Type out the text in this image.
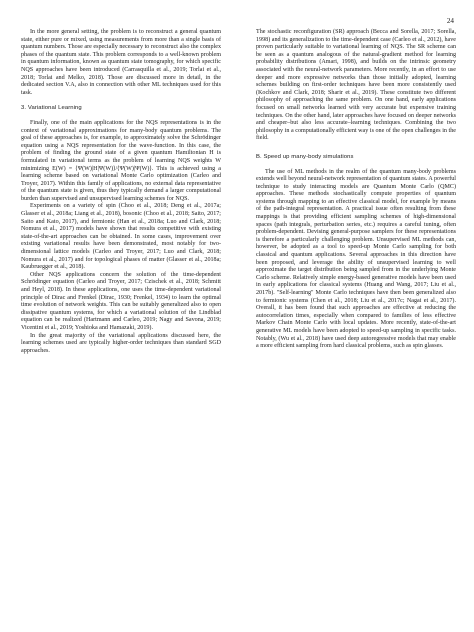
24

In the more general setting, the problem is to reconstruct a general quantum state, either pure or mixed, using measurements from more than a single basis of quantum numbers. Those are especially necessary to reconstruct also the complex phases of the quantum state. This problem corresponds to a well-known problem in quantum information, known as quantum state tomography, for which specific NQS approaches have been introduced (Carrasquilla et al., 2019; Torlai et al., 2018; Torlai and Melko, 2018). Those are discussed more in detail, in the dedicated section V.A, also in connection with other ML techniques used for this task.

3. Variational Learning

Finally, one of the main applications for the NQS representations is in the context of variational approximations for many-body quantum problems. The goal of these approaches is, for example, to approximately solve the Schrödinger equation using a NQS representation for the wave-function. In this case, the problem of finding the ground state of a given quantum Hamiltonian H is formulated in variational terms as the problem of learning NQS weights W minimizing E(W) = ⟨Ψ(W)|H|Ψ(W)⟩/⟨Ψ(W)|Ψ(W)⟩. This is achieved using a learning scheme based on variational Monte Carlo optimization (Carleo and Troyer, 2017). Within this family of applications, no external data representative of the quantum state is given, thus they typically demand a larger computational burden than supervised and unsupervised learning schemes for NQS.

Experiments on a variety of spin (Choo et al., 2018; Deng et al., 2017a; Glasser et al., 2018a; Liang et al., 2018), bosonic (Choo et al., 2018; Saito, 2017; Saito and Kato, 2017), and fermionic (Han et al., 2018a; Luo and Clark, 2018; Nomura et al., 2017) models have shown that results competitive with existing state-of-the-art approaches can be obtained. In some cases, improvement over existing variational results have been demonstrated, most notably for two-dimensional lattice models (Carleo and Troyer, 2017; Luo and Clark, 2018; Nomura et al., 2017) and for topological phases of matter (Glasser et al., 2018a; Kaubruegger et al., 2018).

Other NQS applications concern the solution of the time-dependent Schrödinger equation (Carleo and Troyer, 2017; Czischek et al., 2018; Schmitt and Heyl, 2018). In these applications, one uses the time-dependent variational principle of Dirac and Frenkel (Dirac, 1930; Frenkel, 1934) to learn the optimal time evolution of network weights. This can be suitably generalized also to open dissipative quantum systems, for which a variational solution of the Lindblad equation can be realized (Hartmann and Carleo, 2019; Nagy and Savona, 2019; Vicentini et al., 2019; Yoshioka and Hamazaki, 2019).

In the great majority of the variational applications discussed here, the learning schemes used are typically higher-order techniques than standard SGD approaches.

The stochastic reconfiguration (SR) approach (Becca and Sorella, 2017; Sorella, 1998) and its generalization to the time-dependent case (Carleo et al., 2012), have proven particularly suitable to variational learning of NQS. The SR scheme can be seen as a quantum analogous of the natural-gradient method for learning probability distributions (Amari, 1998), and builds on the intrinsic geometry associated with the neural-network parameters. More recently, in an effort to use deeper and more expressive networks than those initially adopted, learning schemes building on first-order techniques have been more consistently used (Kochkov and Clark, 2018; Sharir et al., 2019). These constitute two different philosophy of approaching the same problem. On one hand, early applications focused on small networks learned with very accurate but expensive training techniques. On the other hand, later approaches have focused on deeper networks and cheaper–but also less accurate–learning techniques. Combining the two philosophy in a computationally efficient way is one of the open challenges in the field.

B. Speed up many-body simulations

The use of ML methods in the realm of the quantum many-body problems extends well beyond neural-network representation of quantum states. A powerful technique to study interacting models are Quantum Monte Carlo (QMC) approaches. These methods stochastically compute properties of quantum systems through mapping to an effective classical model, for example by means of the path-integral representation. A practical issue often resulting from these mappings is that providing efficient sampling schemes of high-dimensional spaces (path integrals, perturbation series, etc.) requires a careful tuning, often problem-dependent. Devising general-purpose samplers for these representations is therefore a particularly challenging problem. Unsupervised ML methods can, however, be adopted as a tool to speed-up Monte Carlo sampling for both classical and quantum applications. Several approaches in this direction have been proposed, and leverage the ability of unsupervised learning to well approximate the target distribution being sampled from in the underlying Monte Carlo scheme. Relatively simple energy-based generative models have been used in early applications for classical systems (Huang and Wang, 2017; Liu et al., 2017b). "Self-learning" Monte Carlo techniques have then been generalized also to fermionic systems (Chen et al., 2018; Liu et al., 2017c; Nagai et al., 2017). Overall, it has been found that such approaches are effective at reducing the autocorrelation times, especially when compared to families of less effective Markov Chain Monte Carlo with local updates. More recently, state-of-the-art generative ML models have been adopted to speed-up sampling in specific tasks. Notably, (Wu et al., 2018) have used deep autoregressive models that may enable a more efficient sampling from hard classical problems, such as spin glasses.
